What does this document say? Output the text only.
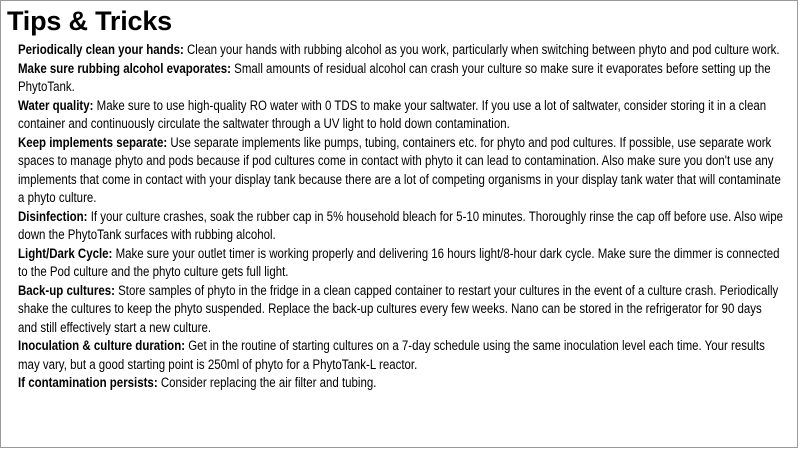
Tips & Tricks

Periodically clean your hands: Clean your hands with rubbing alcohol as you work, particularly when switching between phyto and pod culture work.

Make sure rubbing alcohol evaporates: Small amounts of residual alcohol can crash your culture so make sure it evaporates before setting up the PhytoTank.

Water quality: Make sure to use high-quality RO water with 0 TDS to make your saltwater. If you use a lot of saltwater, consider storing it in a clean container and continuously circulate the saltwater through a UV light to hold down contamination.

Keep implements separate: Use separate implements like pumps, tubing, containers etc. for phyto and pod cultures. If possible, use separate work spaces to manage phyto and pods because if pod cultures come in contact with phyto it can lead to contamination. Also make sure you don't use any implements that come in contact with your display tank because there are a lot of competing organisms in your display tank water that will contaminate a phyto culture.

Disinfection: If your culture crashes, soak the rubber cap in 5% household bleach for 5-10 minutes. Thoroughly rinse the cap off before use. Also wipe down the PhytoTank surfaces with rubbing alcohol.

Light/Dark Cycle: Make sure your outlet timer is working properly and delivering 16 hours light/8-hour dark cycle. Make sure the dimmer is connected to the Pod culture and the phyto culture gets full light.

Back-up cultures: Store samples of phyto in the fridge in a clean capped container to restart your cultures in the event of a culture crash. Periodically shake the cultures to keep the phyto suspended. Replace the back-up cultures every few weeks. Nano can be stored in the refrigerator for 90 days and still effectively start a new culture.

Inoculation & culture duration: Get in the routine of starting cultures on a 7-day schedule using the same inoculation level each time. Your results may vary, but a good starting point is 250ml of phyto for a PhytoTank-L reactor.

If contamination persists: Consider replacing the air filter and tubing.
